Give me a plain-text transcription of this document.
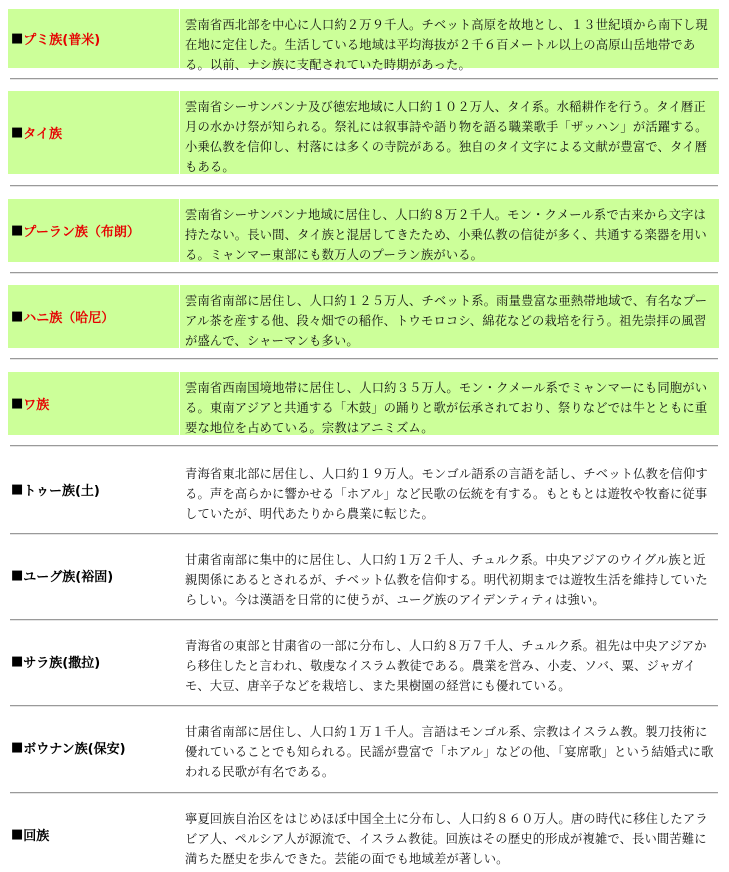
■ プミ族(普米)
雲南省西北部を中心に人口約２万９千人。チベット高原を故地とし、１３世紀頃から南下し現在地に定住した。生活している地域は平均海抜が２千６百メートル以上の高原山岳地帯である。以前、ナシ族に支配されていた時期があった。
■ タイ族
雲南省シーサンパンナ及び徳宏地域に人口約１０２万人、タイ系。水稲耕作を行う。タイ暦正月の水かけ祭が知られる。祭礼には叙事詩や語り物を語る職業歌手「ザッハン」が活躍する。小乗仏教を信仰し、村落には多くの寺院がある。独自のタイ文字による文献が豊富で、タイ暦もある。
■ プーラン族（布朗）
雲南省シーサンパンナ地域に居住し、人口約８万２千人。モン・クメール系で古来から文字は持たない。長い間、タイ族と混居してきたため、小乗仏教の信徒が多く、共通する楽器を用いる。ミャンマー東部にも数万人のプーラン族がいる。
■ ハニ族（哈尼）
雲南省南部に居住し、人口約１２５万人、チベット系。雨量豊富な亜熱帯地域で、有名なプーアル茶を産する他、段々畑での稲作、トウモロコシ、綿花などの栽培を行う。祖先崇拝の風習が盛んで、シャーマンも多い。
■ ワ族
雲南省西南国境地帯に居住し、人口約３５万人。モン・クメール系でミャンマーにも同胞がいる。東南アジアと共通する「木鼓」の踊りと歌が伝承されており、祭りなどでは牛とともに重要な地位を占めている。宗教はアニミズム。
■ トゥー族(土)
青海省東北部に居住し、人口約１９万人。モンゴル語系の言語を話し、チベット仏教を信仰する。声を高らかに響かせる「ホアル」など民歌の伝統を有する。もともとは遊牧や牧畜に従事していたが、明代あたりから農業に転じた。
■ ユーグ族(裕固)
甘粛省南部に集中的に居住し、人口約１万２千人、チュルク系。中央アジアのウイグル族と近親関係にあるとされるが、チベット仏教を信仰する。明代初期までは遊牧生活を維持していたらしい。今は漢語を日常的に使うが、ユーグ族のアイデンティティは強い。
■ サラ族(撒拉)
青海省の東部と甘粛省の一部に分布し、人口約８万７千人、チュルク系。祖先は中央アジアから移住したと言われ、敬虔なイスラム教徒である。農業を営み、小麦、ソバ、粟、ジャガイモ、大豆、唐辛子などを栽培し、また果樹園の経営にも優れている。
■ ボウナン族(保安)
甘粛省南部に居住し、人口約１万１千人。言語はモンゴル系、宗教はイスラム教。製刀技術に優れていることでも知られる。民謡が豊富で「ホアル」などの他、「宴席歌」という結婚式に歌われる民歌が有名である。
■ 回族
寧夏回族自治区をはじめほぼ中国全土に分布し、人口約８６０万人。唐の時代に移住したアラビア人、ペルシア人が源流で、イスラム教徒。回族はその歴史的形成が複雑で、長い間苦難に満ちた歴史を歩んできた。芸能の面でも地域差が著しい。
